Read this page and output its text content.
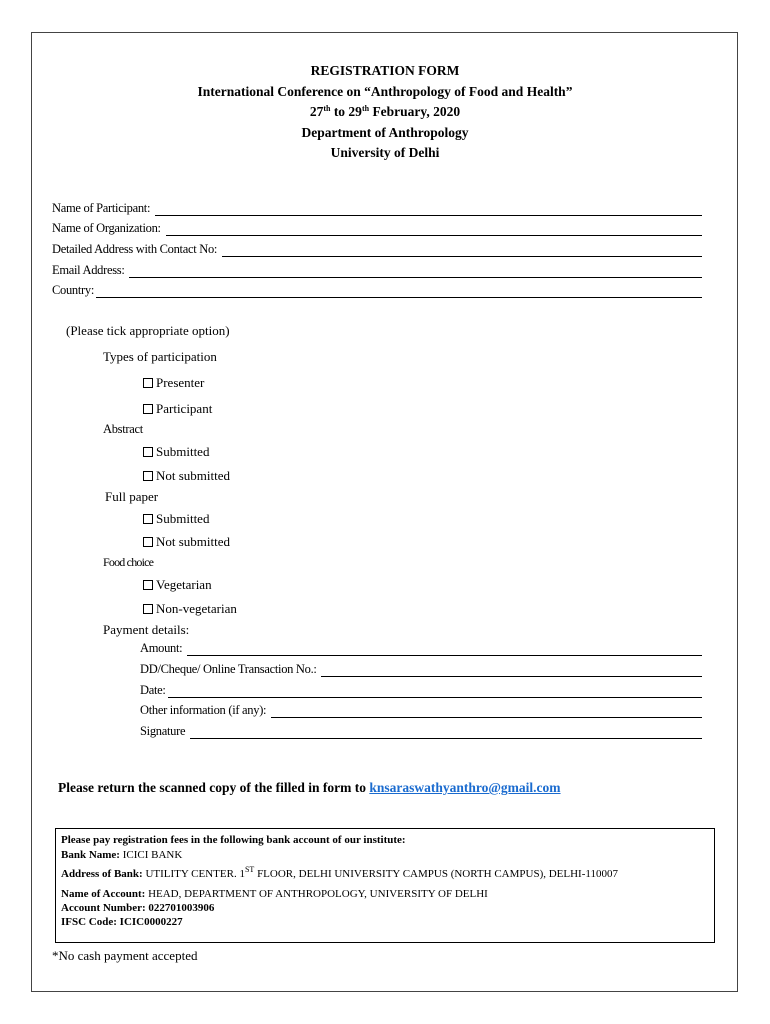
REGISTRATION FORM
International Conference on “Anthropology of Food and Health”
27th to 29th February, 2020
Department of Anthropology
University of Delhi
Name of Participant:
Name of Organization:
Detailed Address with Contact No:
Email Address:
Country:
(Please tick appropriate option)
Types of participation
Presenter
Participant
Abstract
Submitted
Not submitted
Full paper
Submitted
Not submitted
Food choice
Vegetarian
Non-vegetarian
Payment details:
Amount:
DD/Cheque/ Online Transaction No.:
Date:
Other information (if any):
Signature
Please return the scanned copy of the filled in form to knsaraswathyanthro@gmail.com
Please pay registration fees in the following bank account of our institute:
Bank Name: ICICI BANK
Address of Bank: UTILITY CENTER. 1ST FLOOR, DELHI UNIVERSITY CAMPUS (NORTH CAMPUS), DELHI-110007
Name of Account: HEAD, DEPARTMENT OF ANTHROPOLOGY, UNIVERSITY OF DELHI
Account Number: 022701003906
IFSC Code: ICIC0000227
*No cash payment accepted
